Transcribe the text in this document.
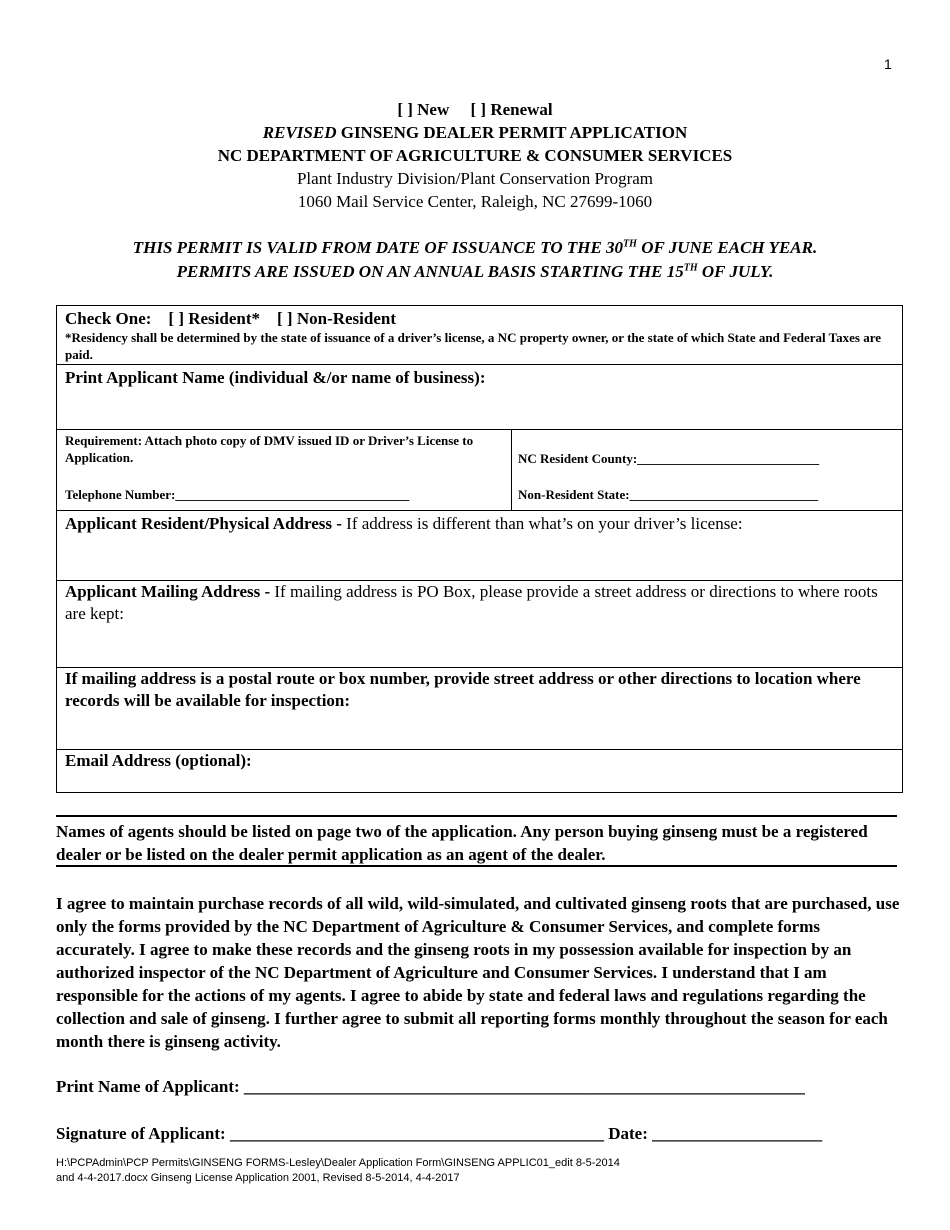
1
[ ] New     [ ] Renewal
REVISED GINSENG DEALER PERMIT APPLICATION
NC DEPARTMENT OF AGRICULTURE & CONSUMER SERVICES
Plant Industry Division/Plant Conservation Program
1060 Mail Service Center, Raleigh, NC 27699-1060
THIS PERMIT IS VALID FROM DATE OF ISSUANCE TO THE 30TH OF JUNE EACH YEAR.
PERMITS ARE ISSUED ON AN ANNUAL BASIS STARTING THE 15TH OF JULY.
Check One:    [ ] Resident*    [ ] Non-Resident
*Residency shall be determined by the state of issuance of a driver’s license, a NC property owner, or the state of which State and Federal Taxes are paid.
Print Applicant Name (individual &/or name of business):
Requirement: Attach photo copy of DMV issued ID or Driver’s License to Application.
Telephone Number:____________________________________
NC Resident County:____________________________
Non-Resident State:_____________________________
Applicant Resident/Physical Address - If address is different than what’s on your driver’s license:
Applicant Mailing Address - If mailing address is PO Box, please provide a street address or directions to where roots are kept:
If mailing address is a postal route or box number, provide street address or other directions to location where records will be available for inspection:
Email Address (optional):

Names of agents should be listed on page two of the application. Any person buying ginseng must be a registered dealer or be listed on the dealer permit application as an agent of the dealer.

I agree to maintain purchase records of all wild, wild-simulated, and cultivated ginseng roots that are purchased, use only the forms provided by the NC Department of Agriculture & Consumer Services, and complete forms accurately. I agree to make these records and the ginseng roots in my possession available for inspection by an authorized inspector of the NC Department of Agriculture and Consumer Services. I understand that I am responsible for the actions of my agents. I agree to abide by state and federal laws and regulations regarding the collection and sale of ginseng. I further agree to submit all reporting forms monthly throughout the season for each month there is ginseng activity.

Print Name of Applicant: __________________________________________________________________
Signature of Applicant: ____________________________________________ Date: ____________________
H:\PCPAdmin\PCP Permits\GINSENG FORMS-Lesley\Dealer Application Form\GINSENG APPLIC01_edit 8-5-2014
and 4-4-2017.docx Ginseng License Application 2001, Revised 8-5-2014, 4-4-2017
